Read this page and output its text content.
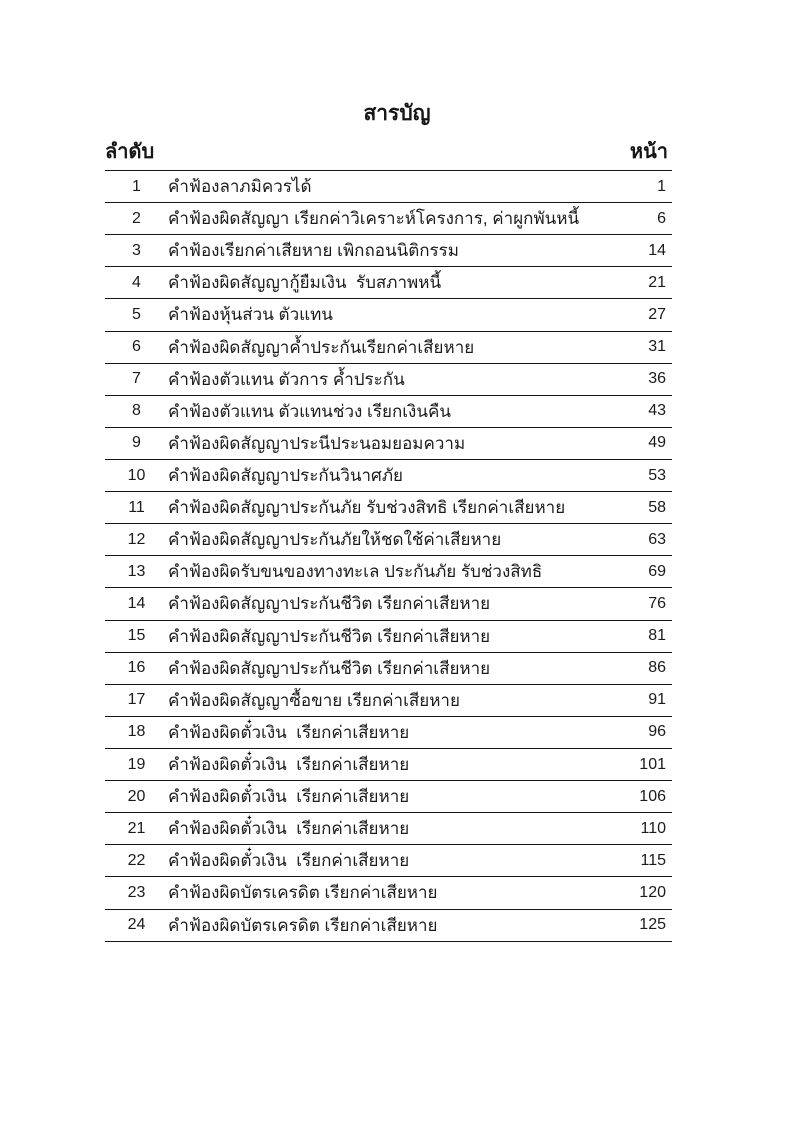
สารบัญ
ลำดับ	หน้า
1	คำฟ้องลาภมิควรได้	1
2	คำฟ้องผิดสัญญา เรียกค่าวิเคราะห์โครงการ, ค่าผูกพันหนี้	6
3	คำฟ้องเรียกค่าเสียหาย เพิกถอนนิติกรรม	14
4	คำฟ้องผิดสัญญากู้ยืมเงิน  รับสภาพหนี้	21
5	คำฟ้องหุ้นส่วน ตัวแทน	27
6	คำฟ้องผิดสัญญาค้ำประกันเรียกค่าเสียหาย	31
7	คำฟ้องตัวแทน ตัวการ ค้ำประกัน	36
8	คำฟ้องตัวแทน ตัวแทนช่วง เรียกเงินคืน	43
9	คำฟ้องผิดสัญญาประนีประนอมยอมความ	49
10	คำฟ้องผิดสัญญาประกันวินาศภัย	53
11	คำฟ้องผิดสัญญาประกันภัย รับช่วงสิทธิ เรียกค่าเสียหาย	58
12	คำฟ้องผิดสัญญาประกันภัยให้ชดใช้ค่าเสียหาย	63
13	คำฟ้องผิดรับขนของทางทะเล ประกันภัย รับช่วงสิทธิ	69
14	คำฟ้องผิดสัญญาประกันชีวิต เรียกค่าเสียหาย	76
15	คำฟ้องผิดสัญญาประกันชีวิต เรียกค่าเสียหาย	81
16	คำฟ้องผิดสัญญาประกันชีวิต เรียกค่าเสียหาย	86
17	คำฟ้องผิดสัญญาซื้อขาย เรียกค่าเสียหาย	91
18	คำฟ้องผิดตั๋วเงิน  เรียกค่าเสียหาย	96
19	คำฟ้องผิดตั๋วเงิน  เรียกค่าเสียหาย	101
20	คำฟ้องผิดตั๋วเงิน  เรียกค่าเสียหาย	106
21	คำฟ้องผิดตั๋วเงิน  เรียกค่าเสียหาย	110
22	คำฟ้องผิดตั๋วเงิน  เรียกค่าเสียหาย	115
23	คำฟ้องผิดบัตรเครดิต เรียกค่าเสียหาย	120
24	คำฟ้องผิดบัตรเครดิต เรียกค่าเสียหาย	125
